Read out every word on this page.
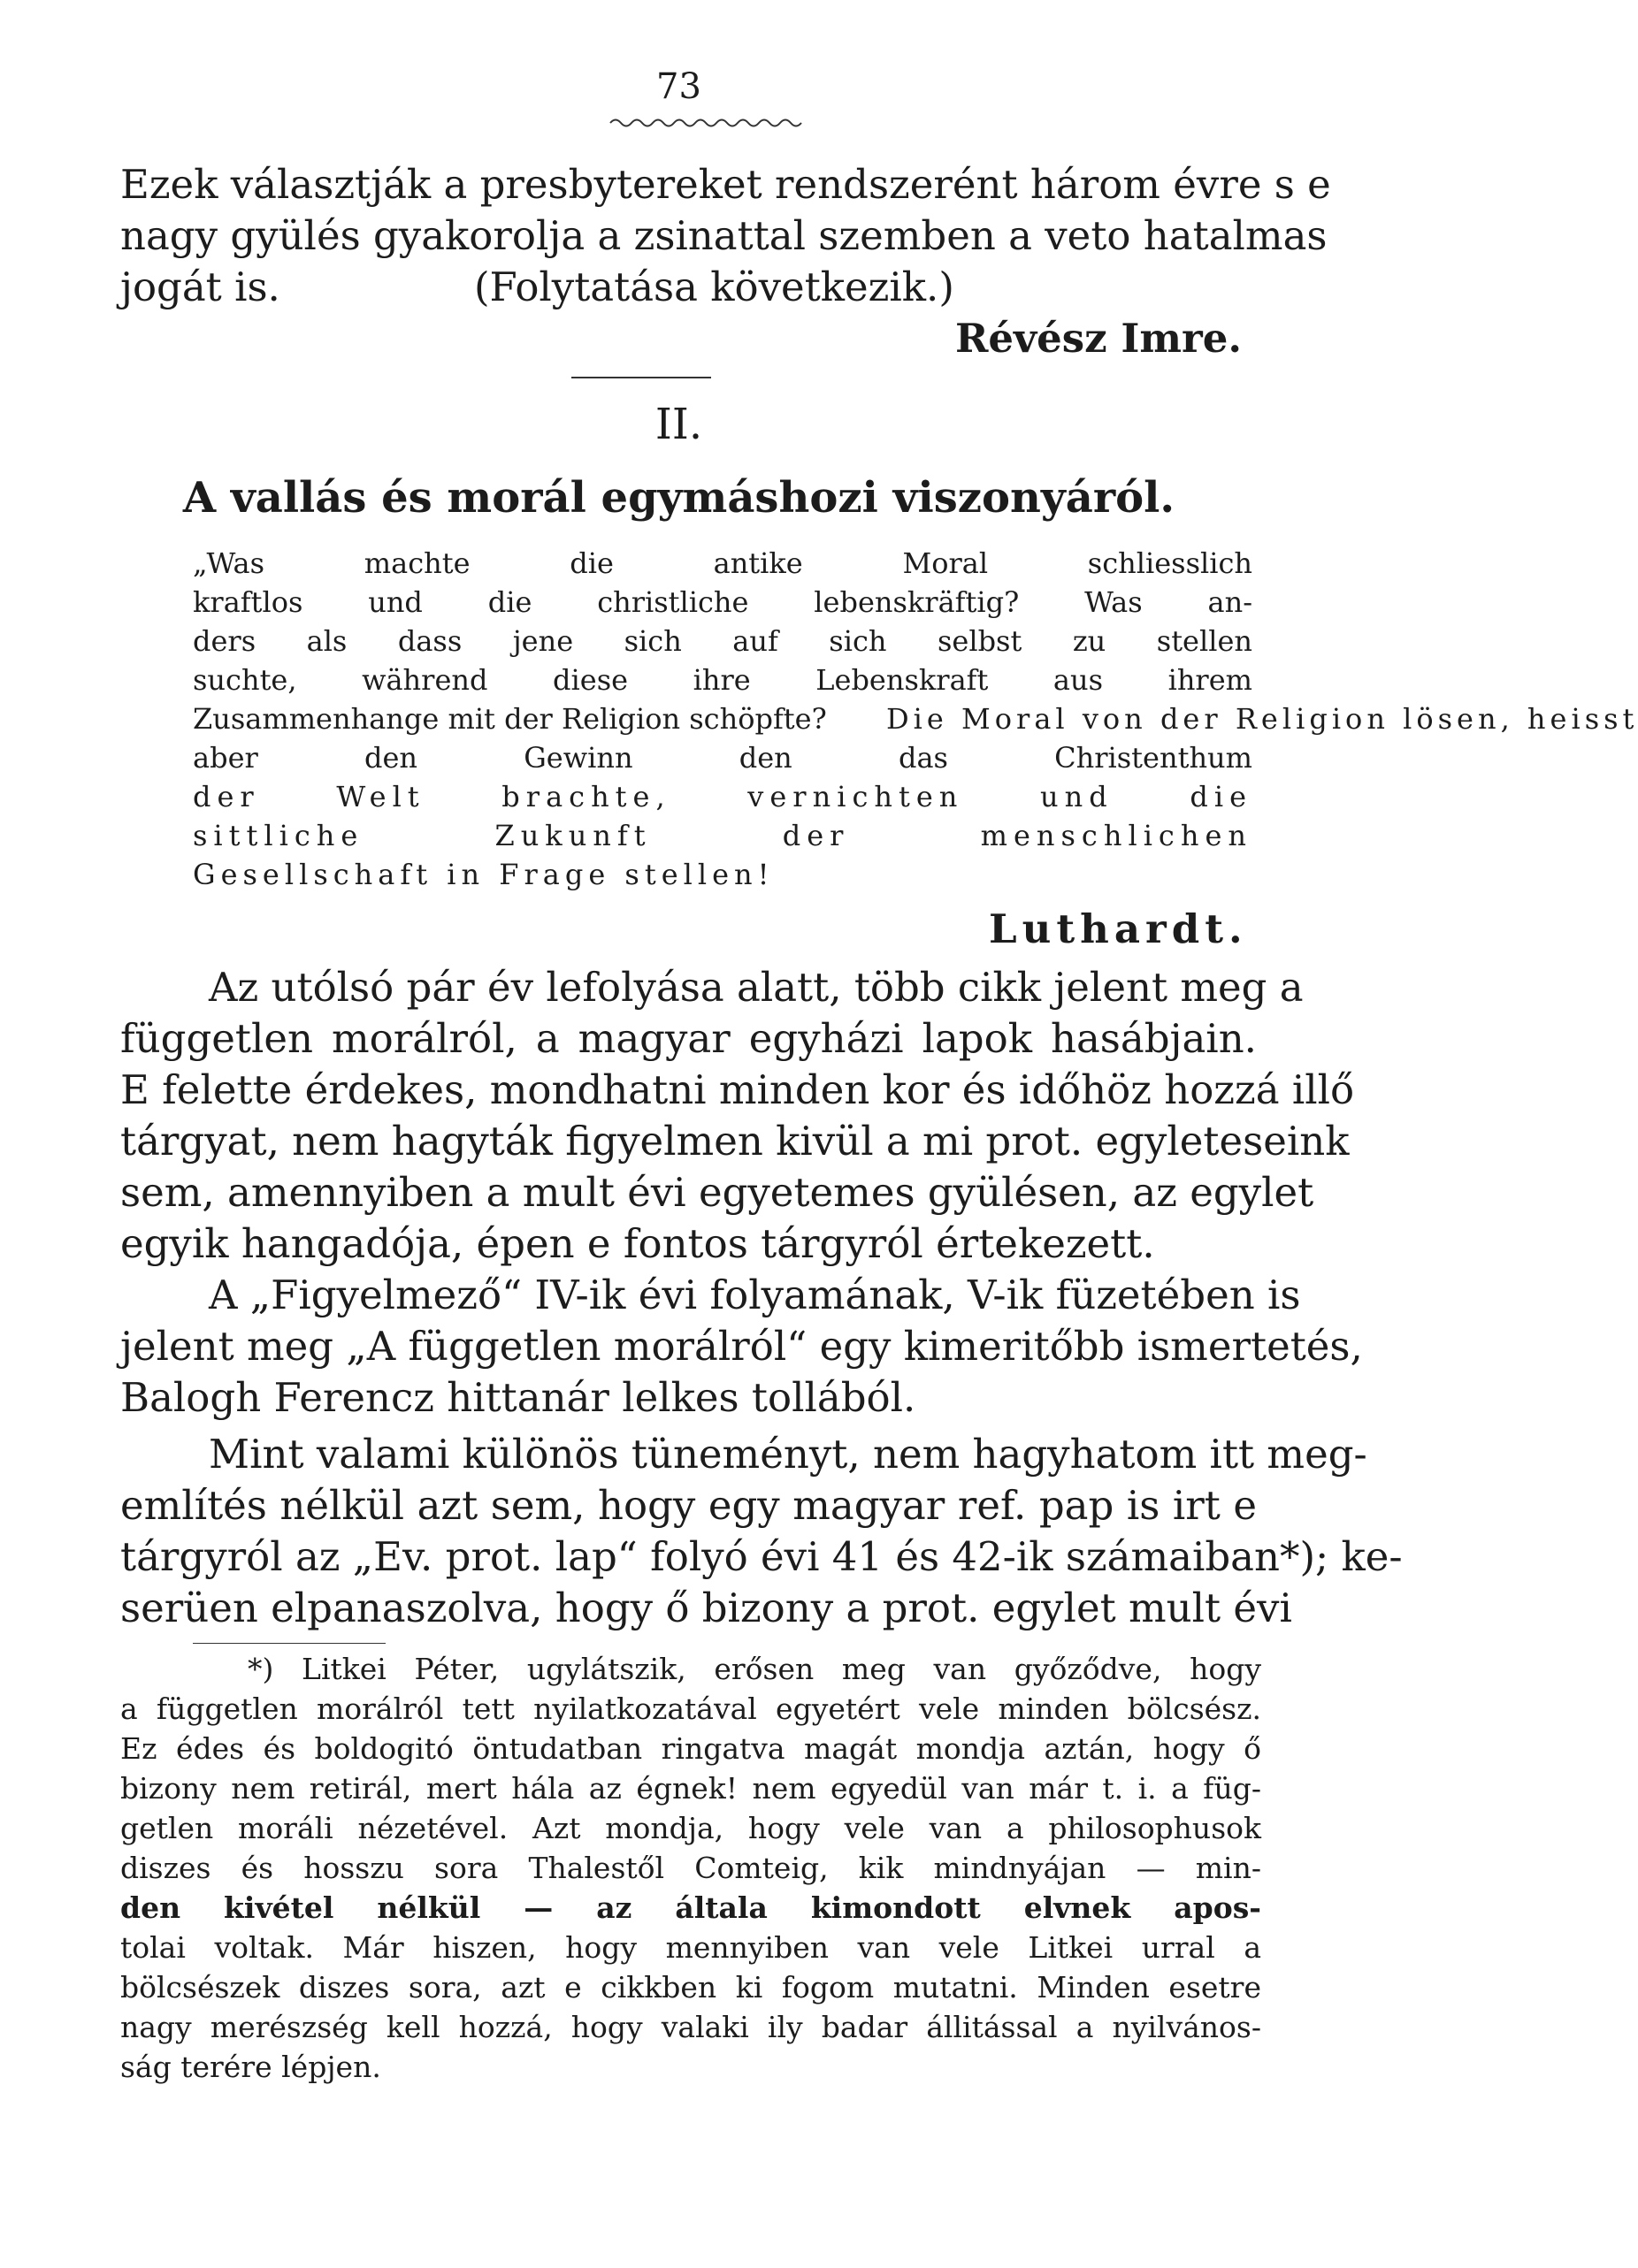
73
Ezek választják a presbytereket rendszerént három évre s e
nagy gyülés gyakorolja a zsinattal szemben a veto hatalmas
jogát is.	(Folytatása következik.)
Révész Imre.
II.
A vallás és morál egymáshozi viszonyáról.
„Was machte die antike Moral schliesslich
kraftlos und die christliche lebenskräftig? Was an-
ders als dass jene sich auf sich selbst zu stellen
suchte, während diese ihre Lebenskraft aus ihrem
Zusammenhange mit der Religion schöpfte? Die Moral von der Religion lösen, heisst
aber den Gewinn den das Christenthum
der Welt brachte, vernichten und die
sittliche Zukunft der menschlichen
Gesellschaft in Frage stellen!
Luthardt.
Az utólsó pár év lefolyása alatt, több cikk jelent meg a
független morálról, a magyar egyházi lapok hasábjain.
E felette érdekes, mondhatni minden kor és időhöz hozzá illő
tárgyat, nem hagyták figyelmen kivül a mi prot. egyleteseink
sem, amennyiben a mult évi egyetemes gyülésen, az egylet
egyik hangadója, épen e fontos tárgyról értekezett.
A „Figyelmező“ IV-ik évi folyamának, V-ik füzetében is
jelent meg „A független morálról“ egy kimeritőbb ismertetés,
Balogh Ferencz hittanár lelkes tollából.
Mint valami különös tüneményt, nem hagyhatom itt meg-
említés nélkül azt sem, hogy egy magyar ref. pap is irt e
tárgyról az „Ev. prot. lap“ folyó évi 41 és 42-ik számaiban*); ke-
serüen elpanaszolva, hogy ő bizony a prot. egylet mult évi
*) Litkei Péter, ugylátszik, erősen meg van győződve, hogy
a független morálról tett nyilatkozatával egyetért vele minden bölcsész.
Ez édes és boldogitó öntudatban ringatva magát mondja aztán, hogy ő
bizony nem retirál, mert hála az égnek! nem egyedül van már t. i. a füg-
getlen moráli nézetével. Azt mondja, hogy vele van a philosophusok
diszes és hosszu sora Thalestől Comteig, kik mindnyájan — min-
den kivétel nélkül — az általa kimondott elvnek apos-
tolai voltak. Már hiszen, hogy mennyiben van vele Litkei urral a
bölcsészek diszes sora, azt e cikkben ki fogom mutatni. Minden esetre
nagy merészség kell hozzá, hogy valaki ily badar állitással a nyilvános-
ság terére lépjen.
